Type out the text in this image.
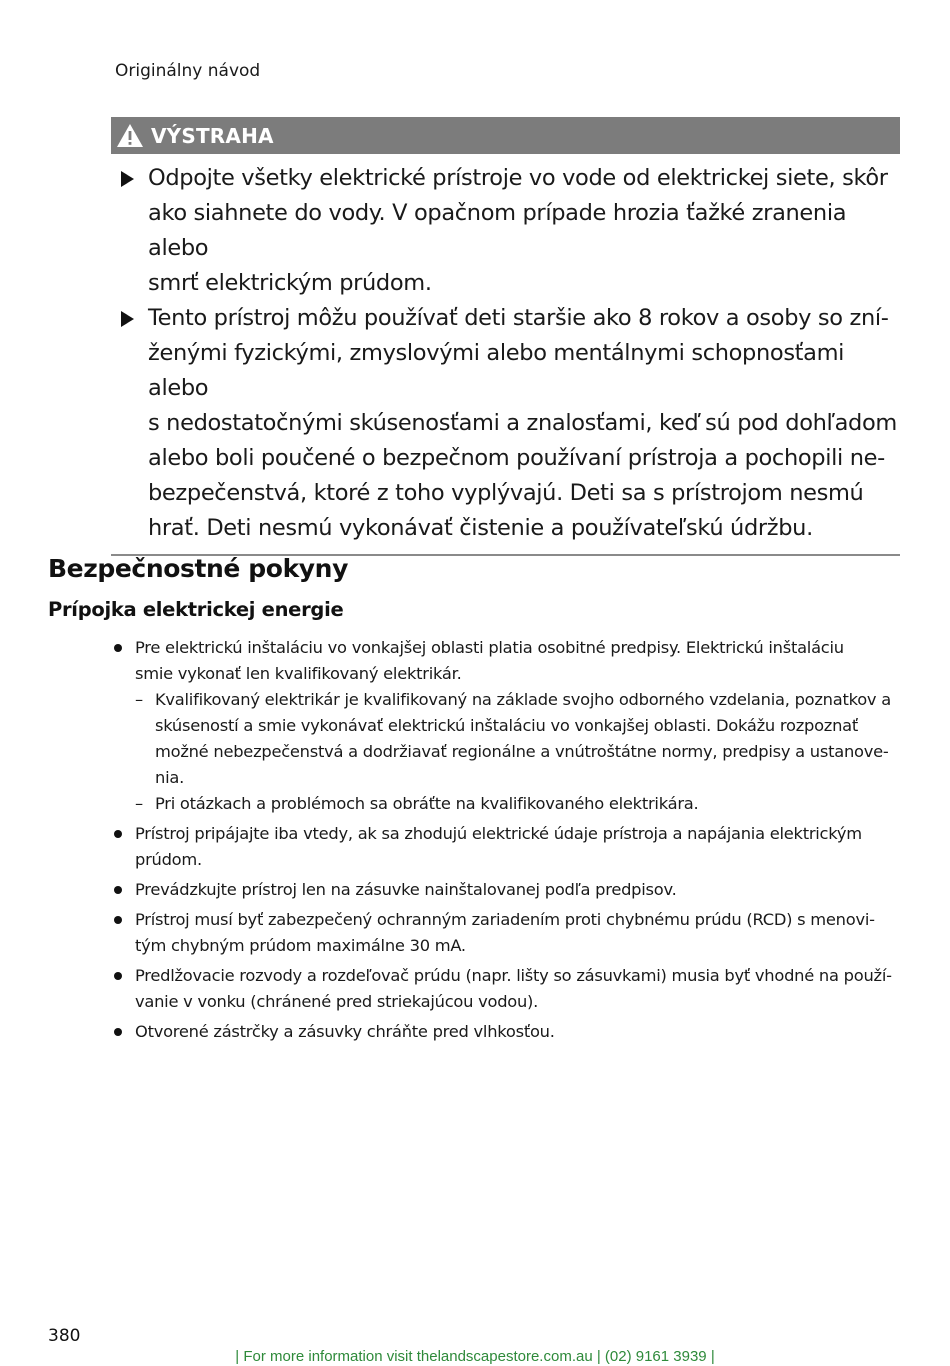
Originálny návod
VÝSTRAHA
Odpojte všetky elektrické prístroje vo vode od elektrickej siete, skôr
ako siahnete do vody. V opačnom prípade hrozia ťažké zranenia alebo
smrť elektrickým prúdom.
Tento prístroj môžu používať deti staršie ako 8 rokov a osoby so zní-
ženými fyzickými, zmyslovými alebo mentálnymi schopnosťami alebo
s nedostatočnými skúsenosťami a znalosťami, keď sú pod dohľadom
alebo boli poučené o bezpečnom používaní prístroja a pochopili ne-
bezpečenstvá, ktoré z toho vyplývajú. Deti sa s prístrojom nesmú
hrať. Deti nesmú vykonávať čistenie a používateľskú údržbu.
Bezpečnostné pokyny
Prípojka elektrickej energie
Pre elektrickú inštaláciu vo vonkajšej oblasti platia osobitné predpisy. Elektrickú inštaláciu
smie vykonať len kvalifikovaný elektrikár.
– Kvalifikovaný elektrikár je kvalifikovaný na základe svojho odborného vzdelania, poznatkov a
skúseností a smie vykonávať elektrickú inštaláciu vo vonkajšej oblasti. Dokážu rozpoznať
možné nebezpečenstvá a dodržiavať regionálne a vnútroštátne normy, predpisy a ustanove-
nia.
– Pri otázkach a problémoch sa obráťte na kvalifikovaného elektrikára.
Prístroj pripájajte iba vtedy, ak sa zhodujú elektrické údaje prístroja a napájania elektrickým
prúdom.
Prevádzkujte prístroj len na zásuvke nainštalovanej podľa predpisov.
Prístroj musí byť zabezpečený ochranným zariadením proti chybnému prúdu (RCD) s menovi-
tým chybným prúdom maximálne 30 mA.
Predlžovacie rozvody a rozdeľovač prúdu (napr. lišty so zásuvkami) musia byť vhodné na použí-
vanie v vonku (chránené pred striekajúcou vodou).
Otvorené zástrčky a zásuvky chráňte pred vlhkosťou.
380
| For more information visit thelandscapestore.com.au | (02) 9161 3939 |
